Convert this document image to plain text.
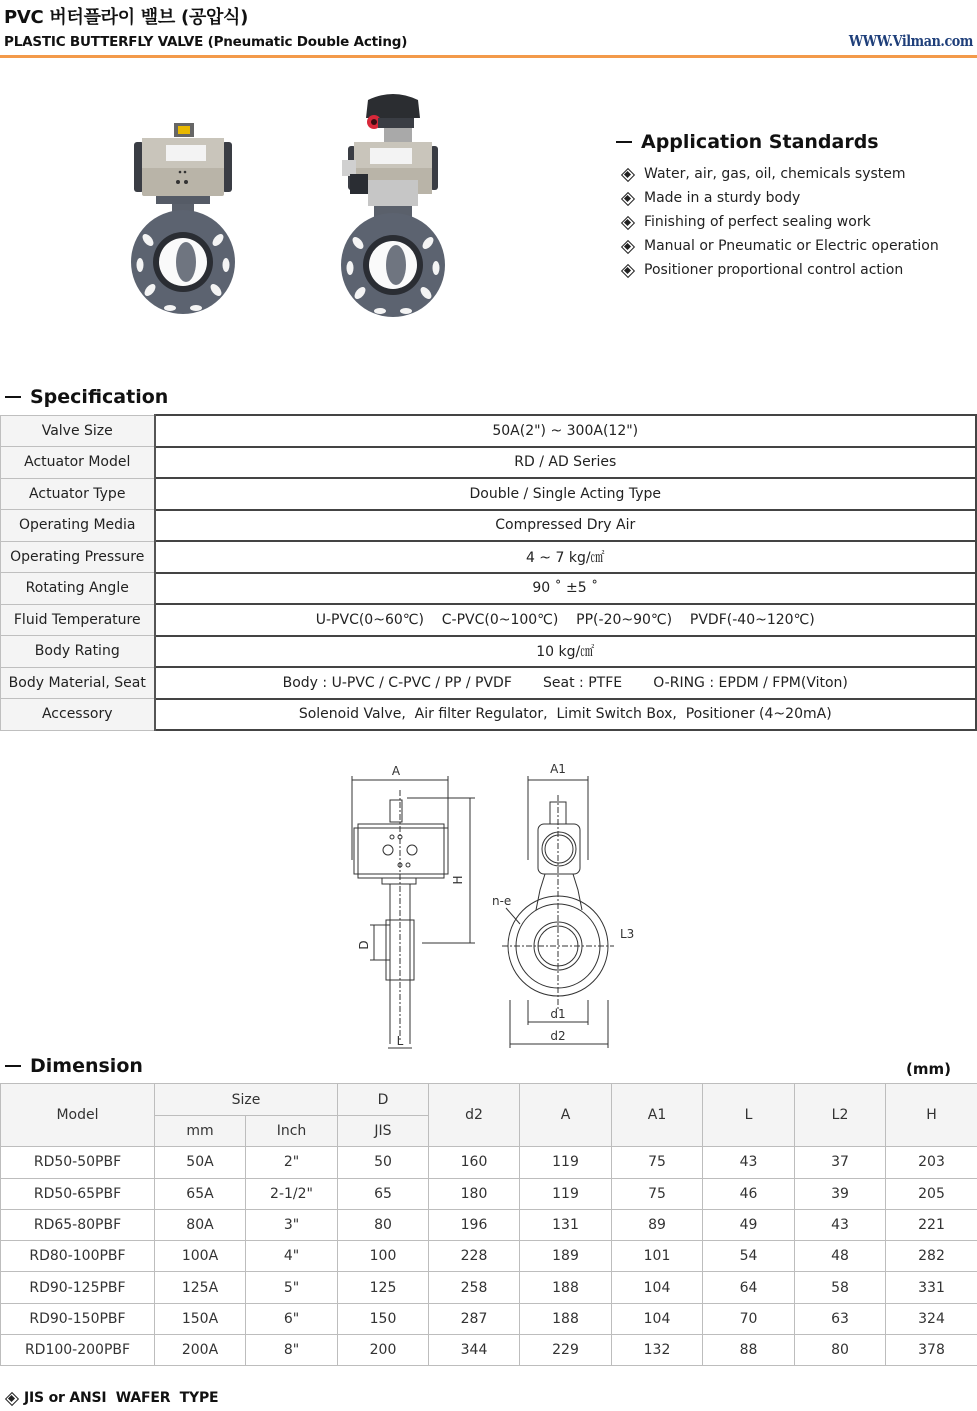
PVC 버터플라이 밸브 (공압식)
PLASTIC BUTTERFLY VALVE (Pneumatic Double Acting)	WWW.Vilman.com
Application Standards
Water, air, gas, oil, chemicals system
Made in a sturdy body
Finishing of perfect sealing work
Manual or Pneumatic or Electric operation
Positioner proportional control action
Specification
Valve Size	50A(2") ~ 300A(12")
Actuator Model	RD / AD Series
Actuator Type	Double / Single Acting Type
Operating Media	Compressed Dry Air
Operating Pressure	4 ~ 7 kg/㎠
Rotating Angle	90 ˚ ±5 ˚
Fluid Temperature	U-PVC(0~60℃)    C-PVC(0~100℃)    PP(-20~90℃)    PVDF(-40~120℃)
Body Rating	10 kg/㎠
Body Material, Seat	Body : U-PVC / C-PVC / PP / PVDF       Seat : PTFE       O-RING : EPDM / FPM(Viton)
Accessory	Solenoid Valve,  Air filter Regulator,  Limit Switch Box,  Positioner (4~20mA)
A
H
D
L
A1
n-e
L3
d1
d2
Dimension	(mm)
Model	Size		D	d2	A	A1	L	L2	H
	mm	Inch	JIS						
RD50-50PBF	50A	2"	50	160	119	75	43	37	203
RD50-65PBF	65A	2-1/2"	65	180	119	75	46	39	205
RD65-80PBF	80A	3"	80	196	131	89	49	43	221
RD80-100PBF	100A	4"	100	228	189	101	54	48	282
RD90-125PBF	125A	5"	125	258	188	104	64	58	331
RD90-150PBF	150A	6"	150	287	188	104	70	63	324
RD100-200PBF	200A	8"	200	344	229	132	88	80	378
JIS or ANSI  WAFER  TYPE
